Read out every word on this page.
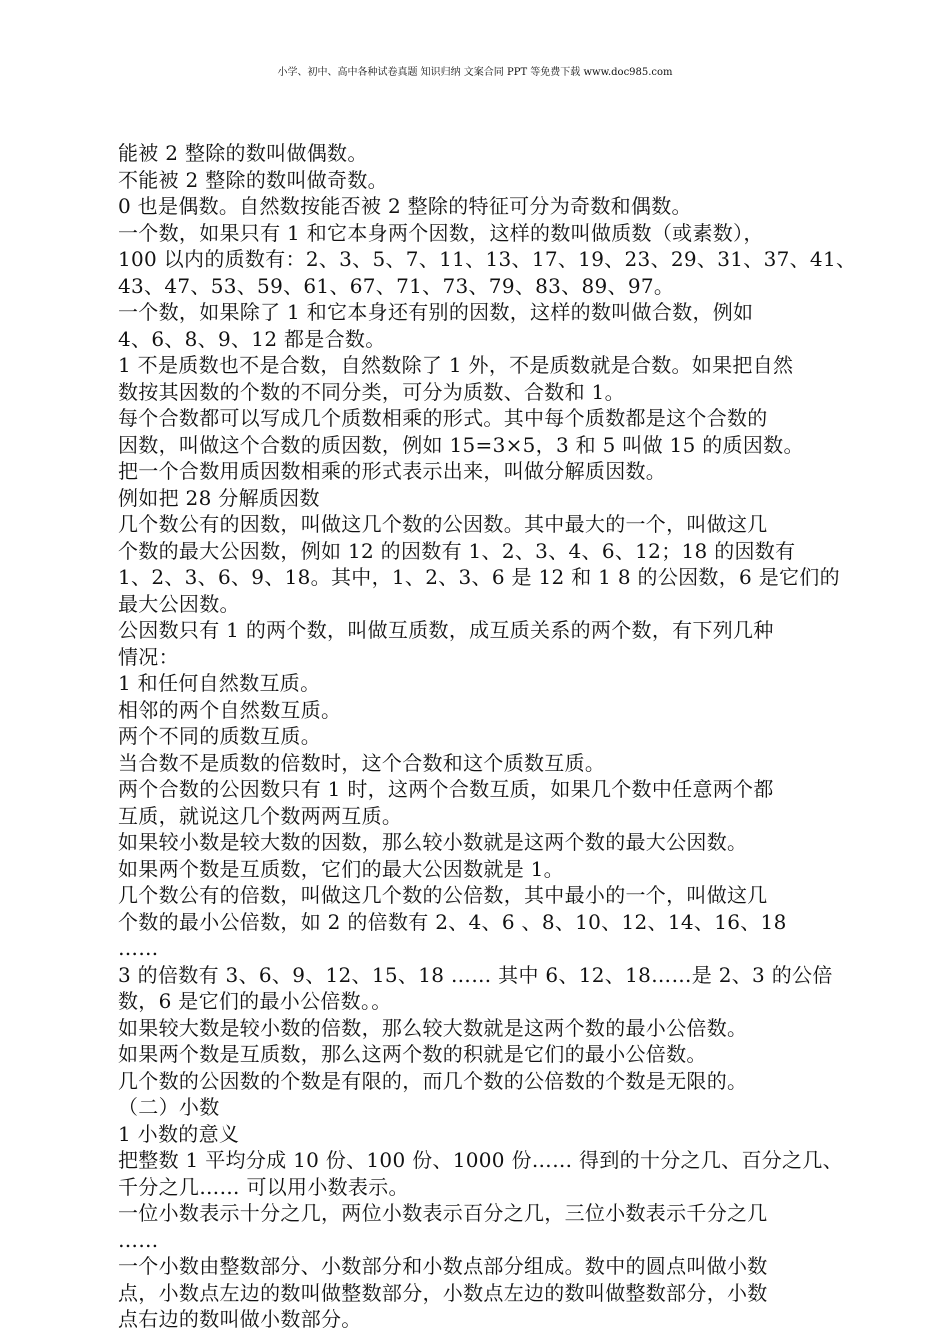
小学、初中、高中各种试卷真题 知识归纳 文案合同 PPT 等免费下载 www.doc985.com
能被 2 整除的数叫做偶数。
不能被 2 整除的数叫做奇数。
0 也是偶数。自然数按能否被 2 整除的特征可分为奇数和偶数。
一个数，如果只有 1 和它本身两个因数，这样的数叫做质数（或素数），
100 以内的质数有：2、3、5、7、11、13、17、19、23、29、31、37、41、
43、47、53、59、61、67、71、73、79、83、89、97。
一个数，如果除了 1 和它本身还有别的因数，这样的数叫做合数，例如
4、6、8、9、12 都是合数。
1 不是质数也不是合数，自然数除了 1 外，不是质数就是合数。如果把自然
数按其因数的个数的不同分类，可分为质数、合数和 1。
每个合数都可以写成几个质数相乘的形式。其中每个质数都是这个合数的
因数，叫做这个合数的质因数，例如 15=3×5，3 和 5 叫做 15 的质因数。
把一个合数用质因数相乘的形式表示出来，叫做分解质因数。
例如把 28 分解质因数
几个数公有的因数，叫做这几个数的公因数。其中最大的一个，叫做这几
个数的最大公因数，例如 12 的因数有 1、2、3、4、6、12；18 的因数有
1、2、3、6、9、18。其中，1、2、3、6 是 12 和 1 8 的公因数，6 是它们的
最大公因数。
公因数只有 1 的两个数，叫做互质数，成互质关系的两个数，有下列几种
情况：
1 和任何自然数互质。
相邻的两个自然数互质。
两个不同的质数互质。
当合数不是质数的倍数时，这个合数和这个质数互质。
两个合数的公因数只有 1 时，这两个合数互质，如果几个数中任意两个都
互质，就说这几个数两两互质。
如果较小数是较大数的因数，那么较小数就是这两个数的最大公因数。
如果两个数是互质数，它们的最大公因数就是 1。
几个数公有的倍数，叫做这几个数的公倍数，其中最小的一个，叫做这几
个数的最小公倍数，如 2 的倍数有 2、4、6 、8、10、12、14、16、18
……
3 的倍数有 3、6、9、12、15、18 …… 其中 6、12、18……是 2、3 的公倍
数，6 是它们的最小公倍数。。
如果较大数是较小数的倍数，那么较大数就是这两个数的最小公倍数。
如果两个数是互质数，那么这两个数的积就是它们的最小公倍数。
几个数的公因数的个数是有限的，而几个数的公倍数的个数是无限的。
（二）小数
1 小数的意义
把整数 1 平均分成 10 份、100 份、1000 份…… 得到的十分之几、百分之几、
千分之几…… 可以用小数表示。
一位小数表示十分之几，两位小数表示百分之几，三位小数表示千分之几
……
一个小数由整数部分、小数部分和小数点部分组成。数中的圆点叫做小数
点，小数点左边的数叫做整数部分，小数点左边的数叫做整数部分，小数
点右边的数叫做小数部分。
